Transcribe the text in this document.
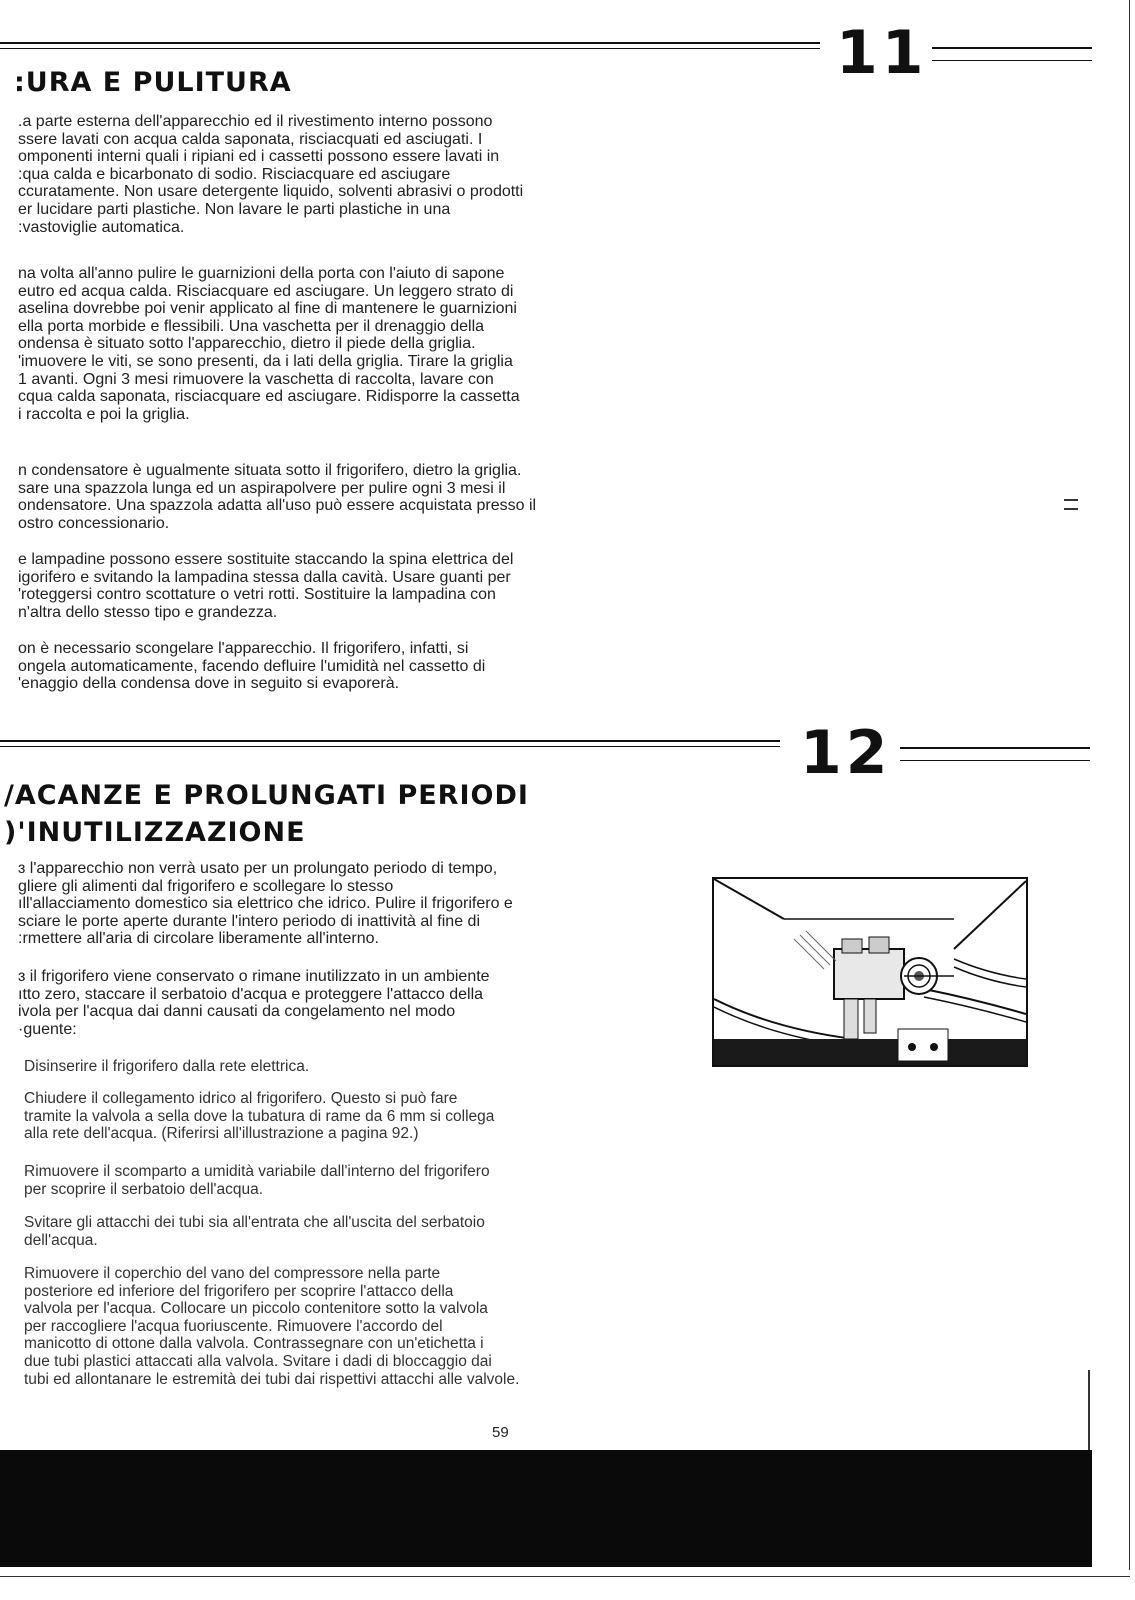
11
:URA E PULITURA

.a parte esterna dell'apparecchio ed il rivestimento interno possono
ssere lavati con acqua calda saponata, risciacquati ed asciugati. I
omponenti interni quali i ripiani ed i cassetti possono essere lavati in
:qua calda e bicarbonato di sodio. Risciacquare ed asciugare
ccuratamente. Non usare detergente liquido, solventi abrasivi o prodotti
er lucidare parti plastiche. Non lavare le parti plastiche in una
:vastoviglie automatica.

na volta all'anno pulire le guarnizioni della porta con l'aiuto di sapone
eutro ed acqua calda. Risciacquare ed asciugare. Un leggero strato di
aselina dovrebbe poi venir applicato al fine di mantenere le guarnizioni
ella porta morbide e flessibili. Una vaschetta per il drenaggio della
ondensa è situato sotto l'apparecchio, dietro il piede della griglia.
'imuovere le viti, se sono presenti, da i lati della griglia. Tirare la griglia
1 avanti. Ogni 3 mesi rimuovere la vaschetta di raccolta, lavare con
cqua calda saponata, risciacquare ed asciugare. Ridisporre la cassetta
i raccolta e poi la griglia.

n condensatore è ugualmente situata sotto il frigorifero, dietro la griglia.
sare una spazzola lunga ed un aspirapolvere per pulire ogni 3 mesi il
ondensatore. Una spazzola adatta all'uso può essere acquistata presso il
ostro concessionario.

e lampadine possono essere sostituite staccando la spina elettrica del
igorifero e svitando la lampadina stessa dalla cavità. Usare guanti per
'roteggersi contro scottature o vetri rotti. Sostituire la lampadina con
n'altra dello stesso tipo e grandezza.

on è necessario scongelare l'apparecchio. Il frigorifero, infatti, si
ongela automaticamente, facendo defluire l'umidità nel cassetto di
'enaggio della condensa dove in seguito si evaporerà.

12
/ACANZE E PROLUNGATI PERIODI
)'INUTILIZZAZIONE

ɜ l'apparecchio non verrà usato per un prolungato periodo di tempo,
gliere gli alimenti dal frigorifero e scollegare lo stesso
ıll'allacciamento domestico sia elettrico che idrico. Pulire il frigorifero e
sciare le porte aperte durante l'intero periodo di inattività al fine di
:rmettere all'aria di circolare liberamente all'interno.

ɜ il frigorifero viene conservato o rimane inutilizzato in un ambiente
ıtto zero, staccare il serbatoio d'acqua e proteggere l'attacco della
ivola per l'acqua dai danni causati da congelamento nel modo
·guente:

Disinserire il frigorifero dalla rete elettrica.

Chiudere il collegamento idrico al frigorifero. Questo si può fare
tramite la valvola a sella dove la tubatura di rame da 6 mm si collega
alla rete dell'acqua. (Riferirsi all'illustrazione a pagina 92.)

Rimuovere il scomparto a umidità variabile dall'interno del frigorifero
per scoprire il serbatoio dell'acqua.

Svitare gli attacchi dei tubi sia all'entrata che all'uscita del serbatoio
dell'acqua.

Rimuovere il coperchio del vano del compressore nella parte
posteriore ed inferiore del frigorifero per scoprire l'attacco della
valvola per l'acqua. Collocare un piccolo contenitore sotto la valvola
per raccogliere l'acqua fuoriuscente. Rimuovere l'accordo del
manicotto di ottone dalla valvola. Contrassegnare con un'etichetta i
due tubi plastici attaccati alla valvola. Svitare i dadi di bloccaggio dai
tubi ed allontanare le estremità dei tubi dai rispettivi attacchi alle valvole.

59
